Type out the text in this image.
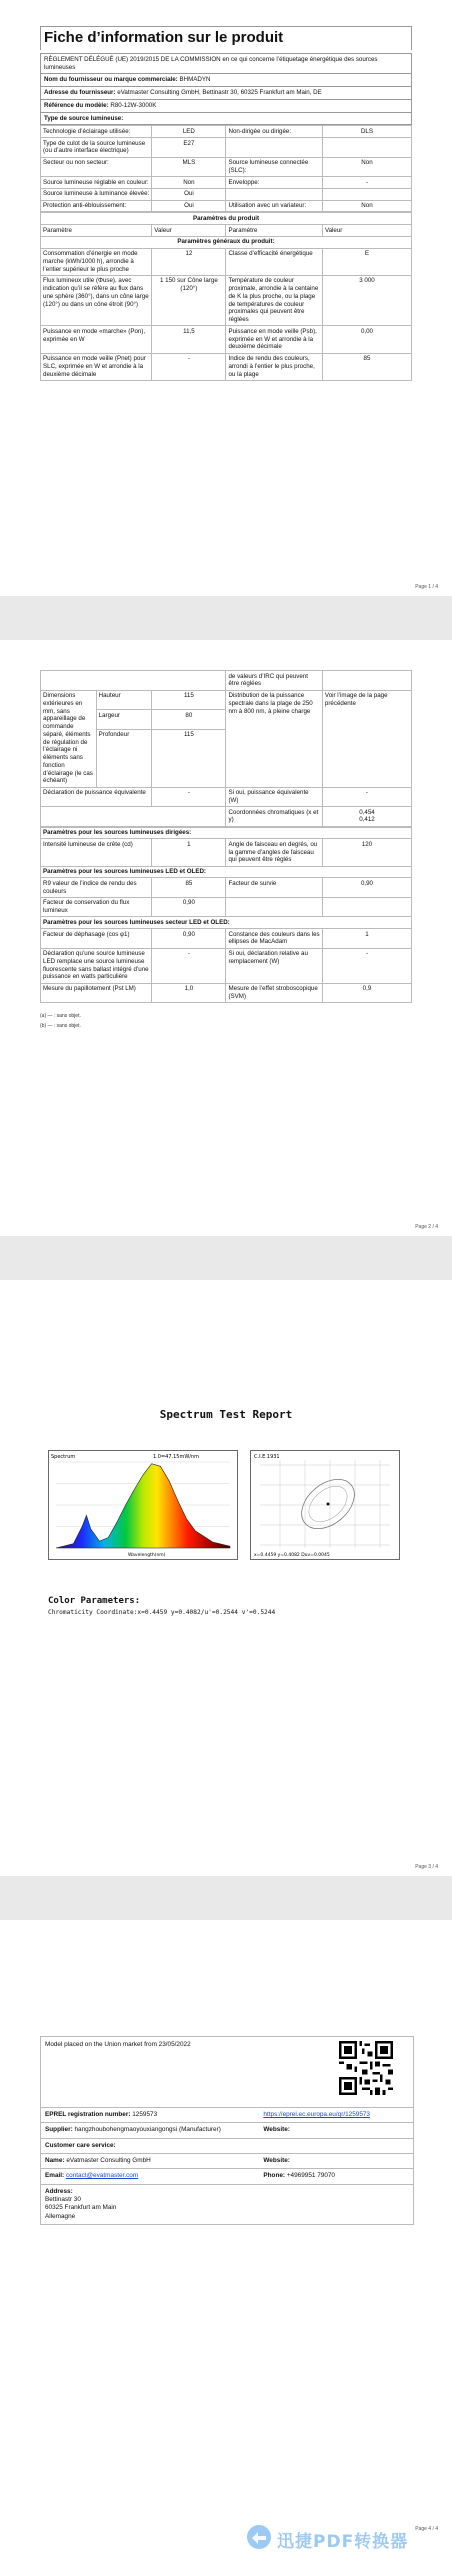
Fiche d’information sur le produit
RÈGLEMENT DÉLÉGUÉ (UE) 2019/2015 DE LA COMMISSION en ce qui concerne l’étiquetage énergétique des sources lumineuses
Nom du fournisseur ou marque commerciale: BHMADYN
Adresse du fournisseur: eVatmaster Consulting GmbH, Bettinastr 30, 60325 Frankfurt am Main, DE
Référence du modèle: R80-12W-3000K
Type de source lumineuse:
Technologie d’éclairage utilisée:	LED	Non-dirigée ou dirigée:	DLS
Type de culot de la source lumineuse (ou d’autre interface électrique)	E27		
Secteur ou non secteur:	MLS	Source lumineuse connectée (SLC):	Non
Source lumineuse réglable en couleur:	Non	Enveloppe:	-
Source lumineuse à luminance élevée:	Oui		
Protection anti-éblouissement:	Oui	Utilisation avec un variateur:	Non
Paramètres du produit			
Paramètre	Valeur	Paramètre	Valeur
Paramètres généraux du produit:			
Consommation d’énergie en mode marche (kWh/1000 h), arrondie à l’entier supérieur le plus proche	12	Classe d’efficacité énergétique	E
Flux lumineux utile (Φuse), avec indication qu’il se réfère au flux dans une sphère (360°), dans un cône large (120°) ou dans un cône étroit (90°)	1 150 sur Cône large (120°)	Température de couleur proximale, arrondie à la centaine de K la plus proche, ou la plage de températures de couleur proximales qui peuvent être réglées	3 000
Puissance en mode «marche» (Pon), exprimée en W	11,5	Puissance en mode veille (Psb), exprimée en W et arrondie à la deuxième décimale	0,00
Puissance en mode veille (Pnet) pour SLC, exprimée en W et arrondie à la deuxième décimale	-	Indice de rendu des couleurs, arrondi à l’entier le plus proche, ou la plage	85
Page 1 / 4
			de valeurs d’IRC qui peuvent être réglées	
Dimensions extérieures en mm, sans appareillage de commande séparé, éléments de régulation de l’éclairage ni éléments sans fonction d’éclairage (le cas échéant)	Hauteur	115	Distribution de la puissance spectrale dans la plage de 250 nm à 800 nm, à pleine charge	Voir l’image de la page précédente
	Largeur	80		
	Profondeur	115		
Déclaration de puissance équivalente		-	Si oui, puissance équivalente (W)	-
			Coordonnées chromatiques (x et y)	0,454
0,412
Paramètres pour les sources lumineuses dirigées:			
Intensité lumineuse de crête (cd)	1	Angle de faisceau en degrés, ou la gamme d’angles de faisceau qui peuvent être réglés	120
Paramètres pour les sources lumineuses LED et OLED:			
R9 valeur de l’indice de rendu des couleurs	85	Facteur de survie	0,90
Facteur de conservation du flux lumineux	0,90		
Paramètres pour les sources lumineuses secteur LED et OLED:			
Facteur de déphasage (cos φ1)	0,90	Constance des couleurs dans les ellipses de MacAdam	1
Déclaration qu’une source lumineuse LED remplace une source lumineuse fluorescente sans ballast intégré d’une puissance en watts particulière	-	Si oui, déclaration relative au remplacement (W)	-
Mesure du papillotement (Pst LM)	1,0	Mesure de l’effet stroboscopique (SVM)	0,9
(a) — : sans objet.
(b) — : sans objet.
Page 2 / 4
Spectrum Test Report
Spectrum	1.0=47.15mW/nm
Wavelength(nm)
C.I.E.1931
x=0.4459 y=0.4082 Duv=0.0045
Color Parameters:
Chromaticity Coordinate:x=0.4459 y=0.4082/u'=0.2544 v'=0.5244
Page 3 / 4
Model placed on the Union market from 23/05/2022
EPREL registration number: 1259573	https://eprel.ec.europa.eu/qr/1259573
Supplier: hangzhoubohengmaoyouxiangongsi (Manufacturer)	Website:
Customer care service:
Name: eVatmaster Consulting GmbH	Website:
Email: contact@evatmaster.com	Phone: +4969951 79070
Address:
Bettinastr 30
60325 Frankfurt am Main
Allemagne
Page 4 / 4
迅捷PDF转换器
